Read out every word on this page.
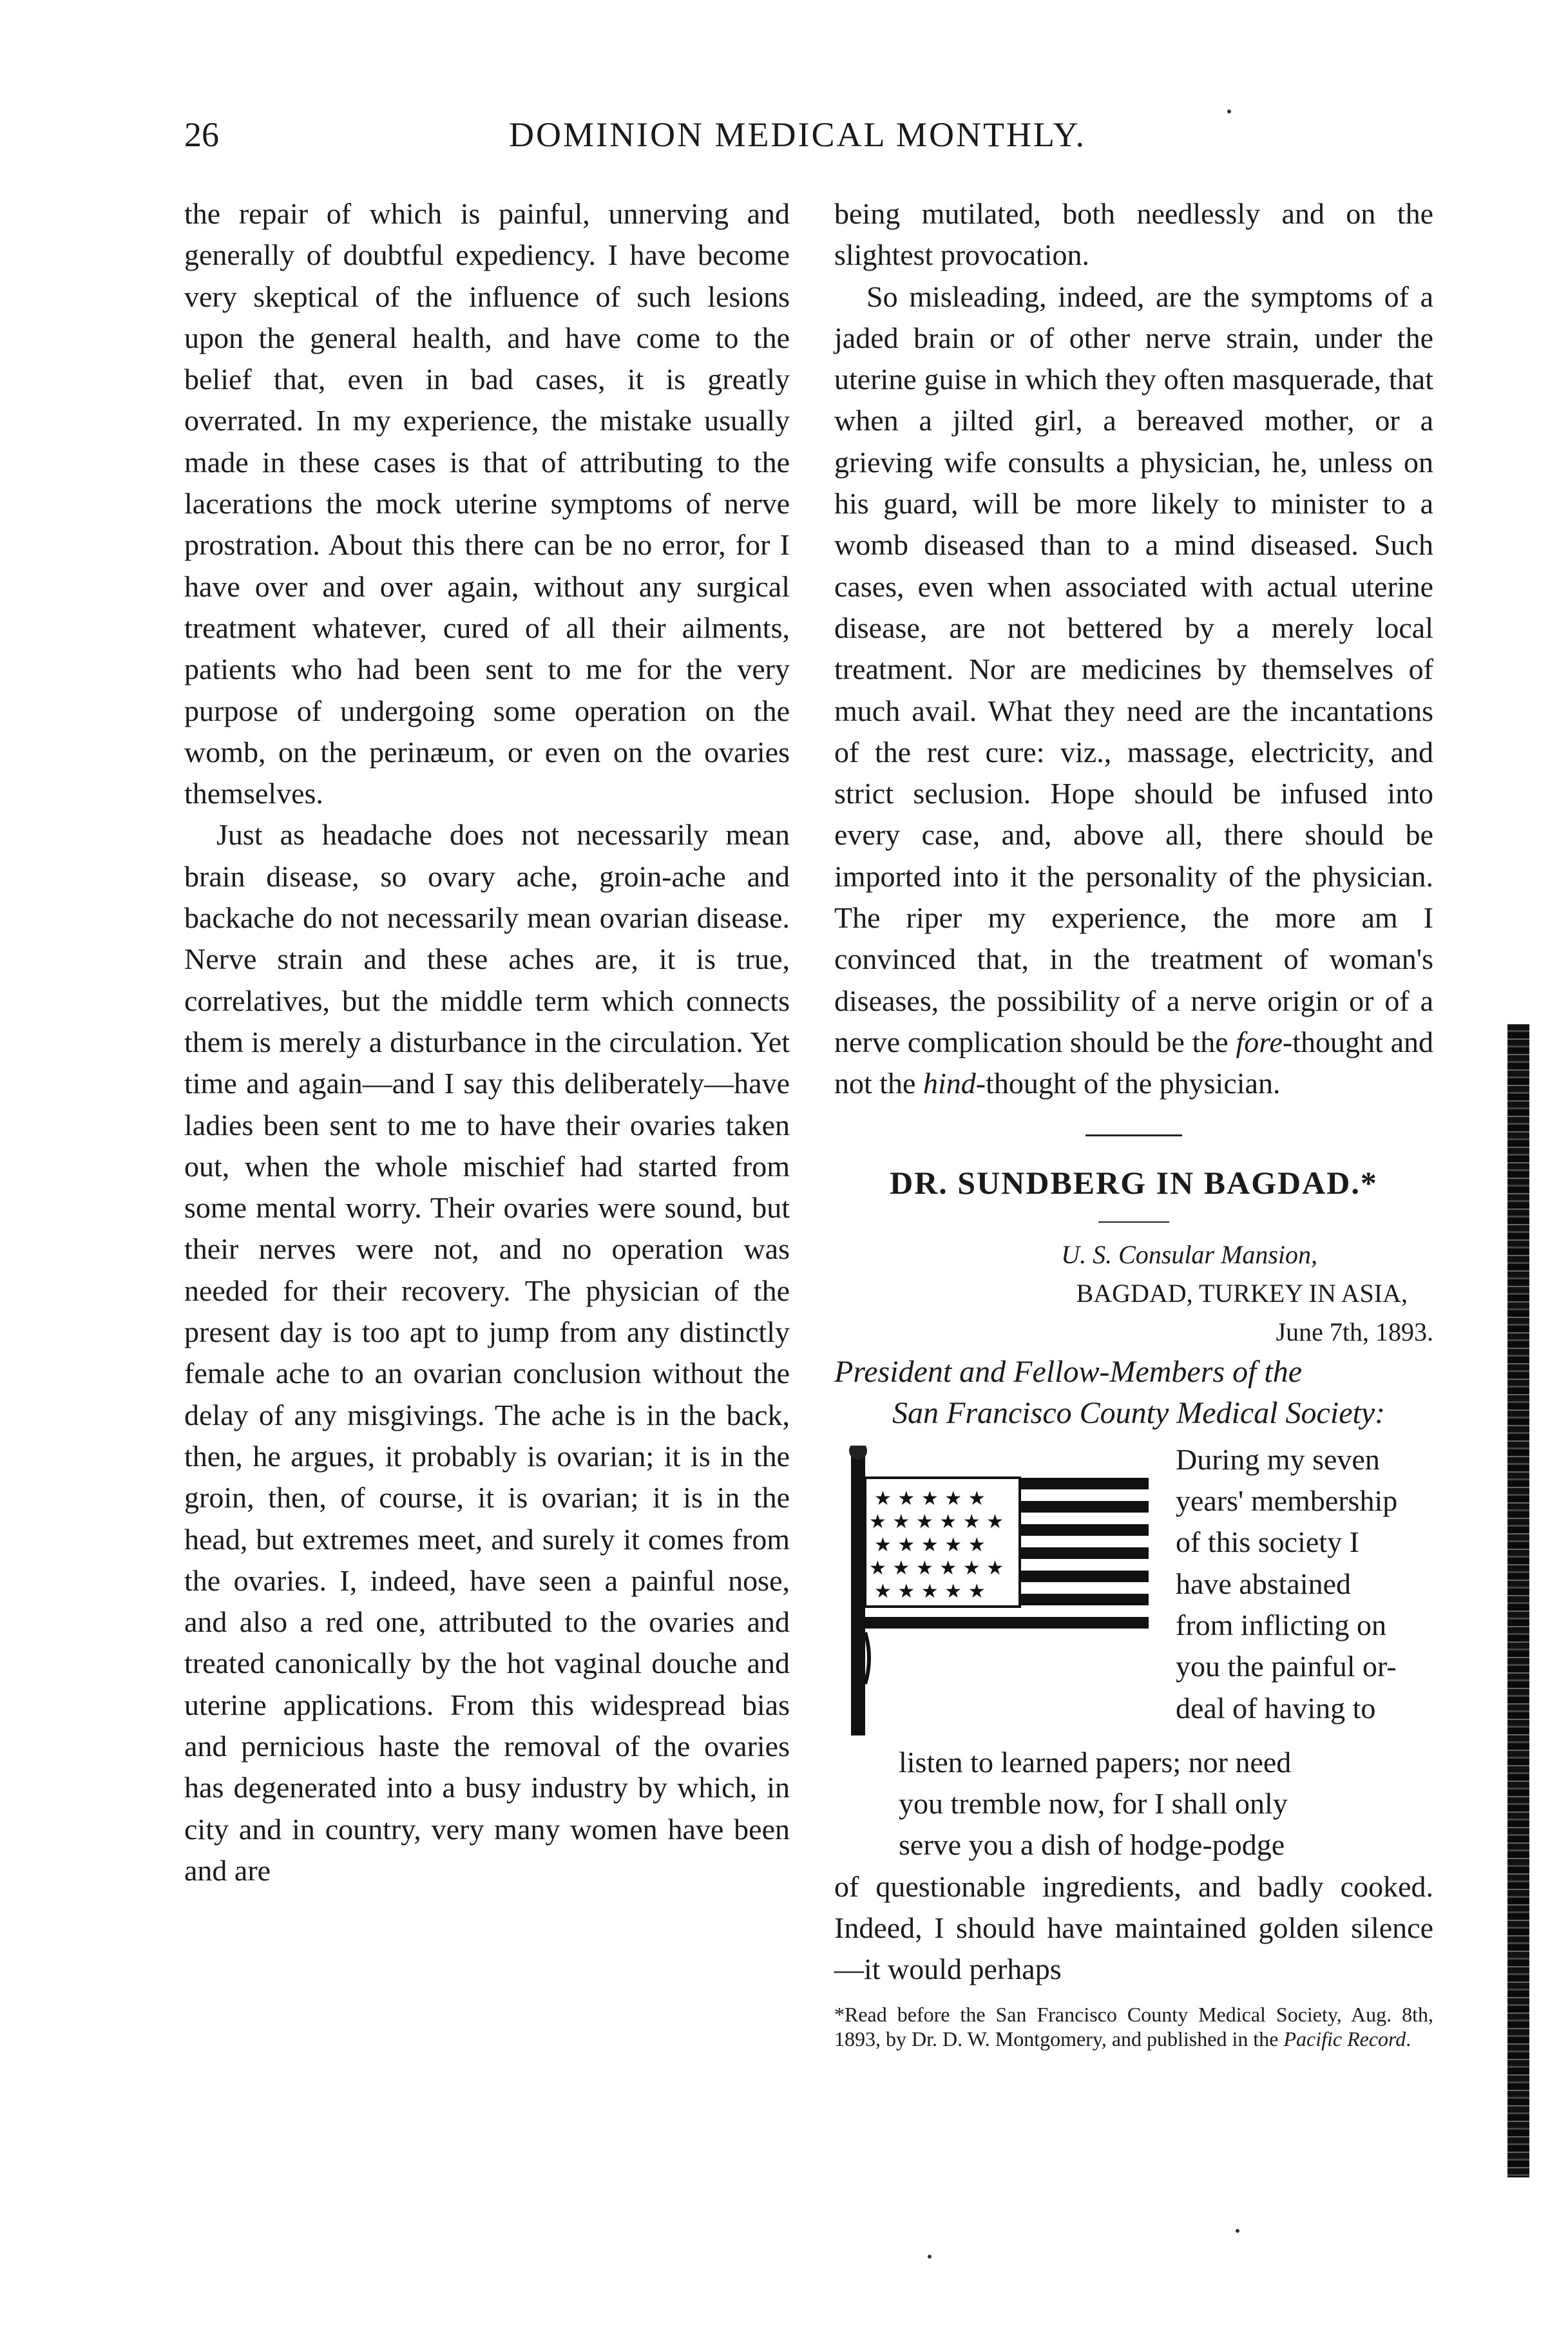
26	DOMINION MEDICAL MONTHLY.

the repair of which is painful, unnerving and generally of doubtful expediency. I have become very skeptical of the influence of such lesions upon the general health, and have come to the belief that, even in bad cases, it is greatly overrated. In my experience, the mistake usually made in these cases is that of attributing to the lacerations the mock uterine symptoms of nerve prostration. About this there can be no error, for I have over and over again, without any surgical treatment whatever, cured of all their ailments, patients who had been sent to me for the very purpose of undergoing some operation on the womb, on the perinæum, or even on the ovaries themselves.

Just as headache does not necessarily mean brain disease, so ovary ache, groin-ache and backache do not necessarily mean ovarian disease. Nerve strain and these aches are, it is true, correlatives, but the middle term which connects them is merely a disturbance in the circulation. Yet time and again—and I say this deliberately—have ladies been sent to me to have their ovaries taken out, when the whole mischief had started from some mental worry. Their ovaries were sound, but their nerves were not, and no operation was needed for their recovery. The physician of the present day is too apt to jump from any distinctly female ache to an ovarian conclusion without the delay of any misgivings. The ache is in the back, then, he argues, it probably is ovarian; it is in the groin, then, of course, it is ovarian; it is in the head, but extremes meet, and surely it comes from the ovaries. I, indeed, have seen a painful nose, and also a red one, attributed to the ovaries and treated canonically by the hot vaginal douche and uterine applications. From this widespread bias and pernicious haste the removal of the ovaries has degenerated into a busy industry by which, in city and in country, very many women have been and are

being mutilated, both needlessly and on the slightest provocation.

So misleading, indeed, are the symptoms of a jaded brain or of other nerve strain, under the uterine guise in which they often masquerade, that when a jilted girl, a bereaved mother, or a grieving wife consults a physician, he, unless on his guard, will be more likely to minister to a womb diseased than to a mind diseased. Such cases, even when associated with actual uterine disease, are not bettered by a merely local treatment. Nor are medicines by themselves of much avail. What they need are the incantations of the rest cure: viz., massage, electricity, and strict seclusion. Hope should be infused into every case, and, above all, there should be imported into it the personality of the physician. The riper my experience, the more am I convinced that, in the treatment of woman's diseases, the possibility of a nerve origin or of a nerve complication should be the fore-thought and not the hind-thought of the physician.

DR. SUNDBERG IN BAGDAD.*
U. S. Consular Mansion,
BAGDAD, TURKEY IN ASIA,
June 7th, 1893.
President and Fellow-Members of the
San Francisco County Medical Society:
★ ★ ★ ★ ★
★ ★ ★ ★ ★ ★
★ ★ ★ ★ ★
★ ★ ★ ★ ★ ★
★ ★ ★ ★ ★
During my seven
years' membership
of this society I
have abstained
from inflicting on
you the painful or-
deal of having to
listen to learned papers; nor need
you tremble now, for I shall only
serve you a dish of hodge-podge

of questionable ingredients, and badly cooked. Indeed, I should have maintained golden silence—it would perhaps

*Read before the San Francisco County Medical Society, Aug. 8th, 1893, by Dr. D. W. Montgomery, and published in the Pacific Record.
